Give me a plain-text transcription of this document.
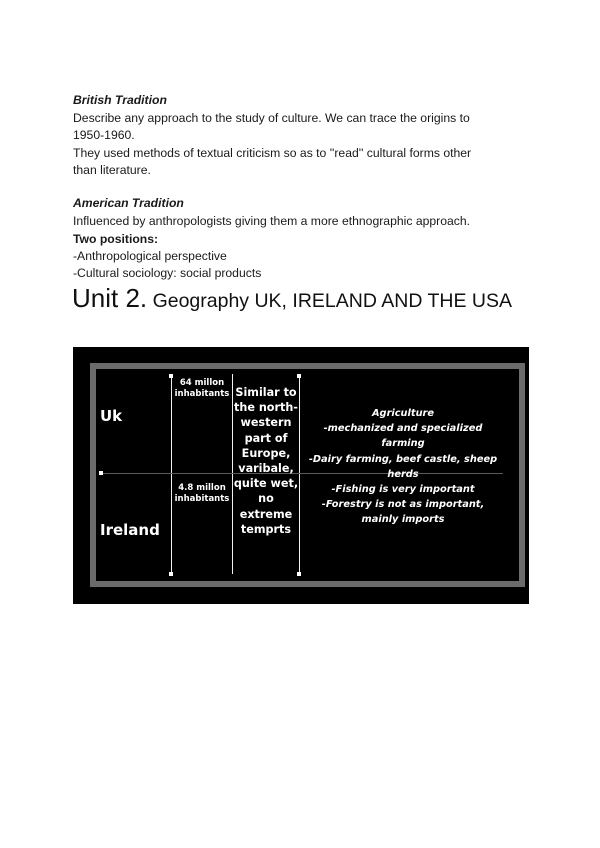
British Tradition
Describe any approach to the study of culture. We can trace the origins to
1950-1960.
They used methods of textual criticism so as to ''read'' cultural forms other
than literature.
American Tradition
Influenced by anthropologists giving them a more ethnographic approach.
Two positions:
-Anthropological perspective
-Cultural sociology: social products
Unit 2. Geography UK, IRELAND AND THE USA
Uk
Ireland
64 millon
inhabitants
4.8 millon
inhabitants
Similar to
the north-
western
part of
Europe,
varibale,
quite wet,
no
extreme
temprts
Agriculture
-mechanized and specialized
farming
-Dairy farming, beef castle, sheep
herds
-Fishing is very important
-Forestry is not as important,
mainly imports
